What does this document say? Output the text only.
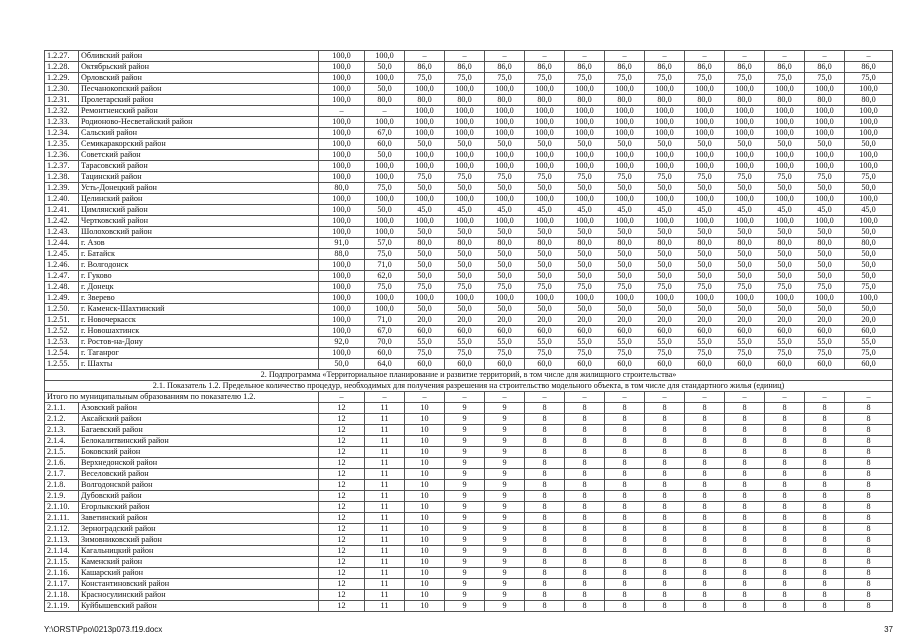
1.2.27.	Обливский район	100,0	100,0	–	–	–	–	–	–	–	–	–	–	–	–
1.2.28.	Октябрьский район	100,0	50,0	86,0	86,0	86,0	86,0	86,0	86,0	86,0	86,0	86,0	86,0	86,0	86,0
1.2.29.	Орловский район	100,0	100,0	75,0	75,0	75,0	75,0	75,0	75,0	75,0	75,0	75,0	75,0	75,0	75,0
1.2.30.	Песчанокопский район	100,0	50,0	100,0	100,0	100,0	100,0	100,0	100,0	100,0	100,0	100,0	100,0	100,0	100,0
1.2.31.	Пролетарский район	100,0	80,0	80,0	80,0	80,0	80,0	80,0	80,0	80,0	80,0	80,0	80,0	80,0	80,0
1.2.32.	Ремонтненский район	–	–	100,0	100,0	100,0	100,0	100,0	100,0	100,0	100,0	100,0	100,0	100,0	100,0
1.2.33.	Родионово-Несветайский район	100,0	100,0	100,0	100,0	100,0	100,0	100,0	100,0	100,0	100,0	100,0	100,0	100,0	100,0
1.2.34.	Сальский район	100,0	67,0	100,0	100,0	100,0	100,0	100,0	100,0	100,0	100,0	100,0	100,0	100,0	100,0
1.2.35.	Семикаракорский район	100,0	60,0	50,0	50,0	50,0	50,0	50,0	50,0	50,0	50,0	50,0	50,0	50,0	50,0
1.2.36.	Советский район	100,0	50,0	100,0	100,0	100,0	100,0	100,0	100,0	100,0	100,0	100,0	100,0	100,0	100,0
1.2.37.	Тарасовский район	100,0	100,0	100,0	100,0	100,0	100,0	100,0	100,0	100,0	100,0	100,0	100,0	100,0	100,0
1.2.38.	Тацинский район	100,0	100,0	75,0	75,0	75,0	75,0	75,0	75,0	75,0	75,0	75,0	75,0	75,0	75,0
1.2.39.	Усть-Донецкий район	80,0	75,0	50,0	50,0	50,0	50,0	50,0	50,0	50,0	50,0	50,0	50,0	50,0	50,0
1.2.40.	Целинский район	100,0	100,0	100,0	100,0	100,0	100,0	100,0	100,0	100,0	100,0	100,0	100,0	100,0	100,0
1.2.41.	Цимлянский район	100,0	50,0	45,0	45,0	45,0	45,0	45,0	45,0	45,0	45,0	45,0	45,0	45,0	45,0
1.2.42.	Чертковский район	100,0	100,0	100,0	100,0	100,0	100,0	100,0	100,0	100,0	100,0	100,0	100,0	100,0	100,0
1.2.43.	Шолоховский район	100,0	100,0	50,0	50,0	50,0	50,0	50,0	50,0	50,0	50,0	50,0	50,0	50,0	50,0
1.2.44.	г. Азов	91,0	57,0	80,0	80,0	80,0	80,0	80,0	80,0	80,0	80,0	80,0	80,0	80,0	80,0
1.2.45.	г. Батайск	88,0	75,0	50,0	50,0	50,0	50,0	50,0	50,0	50,0	50,0	50,0	50,0	50,0	50,0
1.2.46.	г. Волгодонск	100,0	71,0	50,0	50,0	50,0	50,0	50,0	50,0	50,0	50,0	50,0	50,0	50,0	50,0
1.2.47.	г. Гуково	100,0	62,0	50,0	50,0	50,0	50,0	50,0	50,0	50,0	50,0	50,0	50,0	50,0	50,0
1.2.48.	г. Донецк	100,0	75,0	75,0	75,0	75,0	75,0	75,0	75,0	75,0	75,0	75,0	75,0	75,0	75,0
1.2.49.	г. Зверево	100,0	100,0	100,0	100,0	100,0	100,0	100,0	100,0	100,0	100,0	100,0	100,0	100,0	100,0
1.2.50.	г. Каменск-Шахтинский	100,0	100,0	50,0	50,0	50,0	50,0	50,0	50,0	50,0	50,0	50,0	50,0	50,0	50,0
1.2.51.	г. Новочеркасск	100,0	71,0	20,0	20,0	20,0	20,0	20,0	20,0	20,0	20,0	20,0	20,0	20,0	20,0
1.2.52.	г. Новошахтинск	100,0	67,0	60,0	60,0	60,0	60,0	60,0	60,0	60,0	60,0	60,0	60,0	60,0	60,0
1.2.53.	г. Ростов-на-Дону	92,0	70,0	55,0	55,0	55,0	55,0	55,0	55,0	55,0	55,0	55,0	55,0	55,0	55,0
1.2.54.	г. Таганрог	100,0	60,0	75,0	75,0	75,0	75,0	75,0	75,0	75,0	75,0	75,0	75,0	75,0	75,0
1.2.55.	г. Шахты	50,0	64,0	60,0	60,0	60,0	60,0	60,0	60,0	60,0	60,0	60,0	60,0	60,0	60,0
2. Подпрограмма «Территориальное планирование и развитие территорий, в том числе для жилищного строительства»															
2.1. Показатель 1.2. Предельное количество процедур, необходимых для получения разрешения на строительство модельного объекта, в том числе для стандартного жилья (единиц)															
Итого по муниципальным образованиям по показателю 1.2.		–	–	–	–	–	–	–	–	–	–	–	–	–	–
2.1.1.	Азовский район	12	11	10	9	9	8	8	8	8	8	8	8	8	8
2.1.2.	Аксайский район	12	11	10	9	9	8	8	8	8	8	8	8	8	8
2.1.3.	Багаевский район	12	11	10	9	9	8	8	8	8	8	8	8	8	8
2.1.4.	Белокалитвинский район	12	11	10	9	9	8	8	8	8	8	8	8	8	8
2.1.5.	Боковский район	12	11	10	9	9	8	8	8	8	8	8	8	8	8
2.1.6.	Верхнедонской район	12	11	10	9	9	8	8	8	8	8	8	8	8	8
2.1.7.	Веселовский район	12	11	10	9	9	8	8	8	8	8	8	8	8	8
2.1.8.	Волгодонской район	12	11	10	9	9	8	8	8	8	8	8	8	8	8
2.1.9.	Дубовский район	12	11	10	9	9	8	8	8	8	8	8	8	8	8
2.1.10.	Егорлыкский район	12	11	10	9	9	8	8	8	8	8	8	8	8	8
2.1.11.	Заветинский район	12	11	10	9	9	8	8	8	8	8	8	8	8	8
2.1.12.	Зерноградский район	12	11	10	9	9	8	8	8	8	8	8	8	8	8
2.1.13.	Зимовниковский район	12	11	10	9	9	8	8	8	8	8	8	8	8	8
2.1.14.	Кагальницкий район	12	11	10	9	9	8	8	8	8	8	8	8	8	8
2.1.15.	Каменский район	12	11	10	9	9	8	8	8	8	8	8	8	8	8
2.1.16.	Кашарский район	12	11	10	9	9	8	8	8	8	8	8	8	8	8
2.1.17.	Константиновский район	12	11	10	9	9	8	8	8	8	8	8	8	8	8
2.1.18.	Красносулинский район	12	11	10	9	9	8	8	8	8	8	8	8	8	8
2.1.19.	Куйбышевский район	12	11	10	9	9	8	8	8	8	8	8	8	8	8
Y:\ORST\Ppo\0213p073.f19.docx	37
